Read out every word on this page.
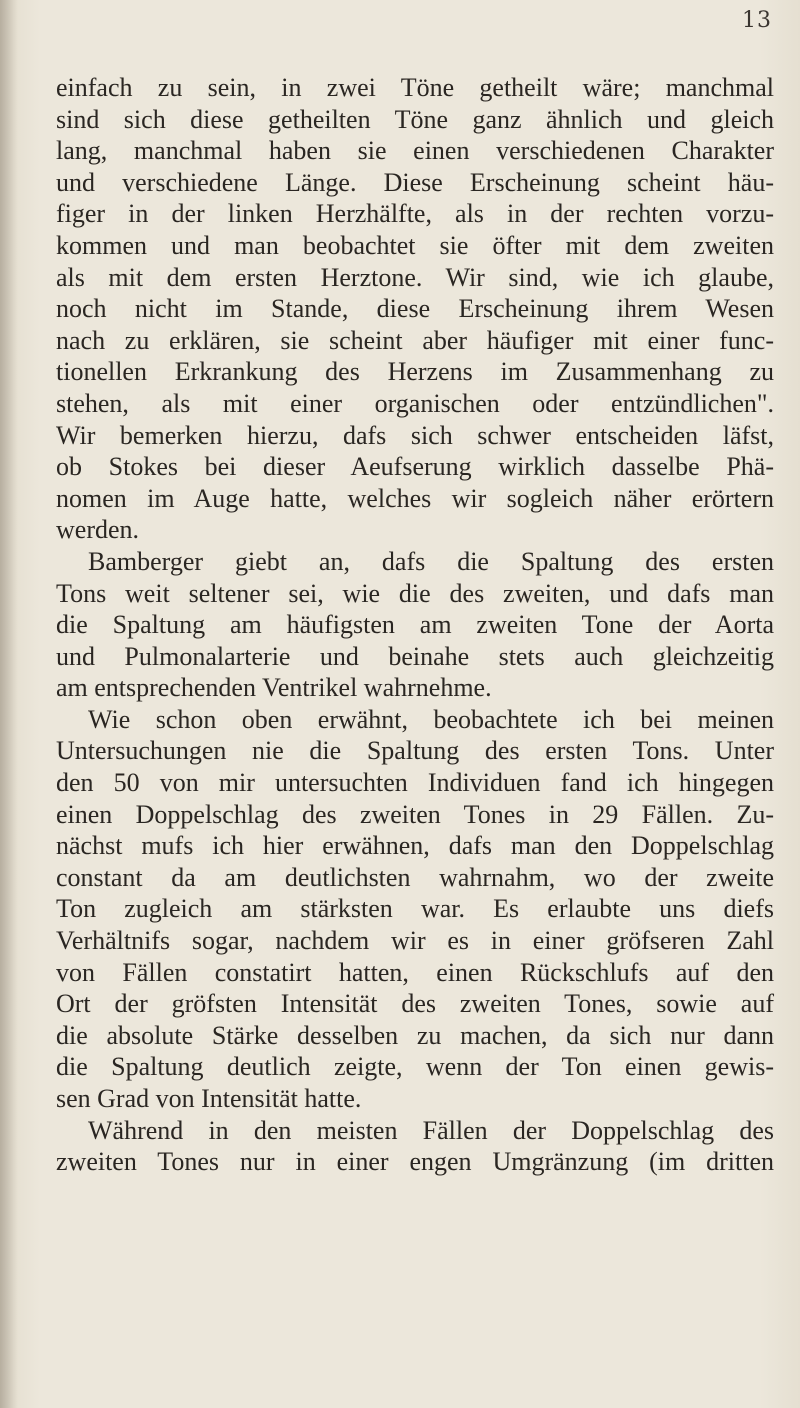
13
einfach zu sein, in zwei Töne getheilt wäre; manchmal
sind sich diese getheilten Töne ganz ähnlich und gleich
lang, manchmal haben sie einen verschiedenen Charakter
und verschiedene Länge. Diese Erscheinung scheint häu-
figer in der linken Herzhälfte, als in der rechten vorzu-
kommen und man beobachtet sie öfter mit dem zweiten
als mit dem ersten Herztone. Wir sind, wie ich glaube,
noch nicht im Stande, diese Erscheinung ihrem Wesen
nach zu erklären, sie scheint aber häufiger mit einer func-
tionellen Erkrankung des Herzens im Zusammenhang zu
stehen, als mit einer organischen oder entzündlichen".
Wir bemerken hierzu, dafs sich schwer entscheiden läfst,
ob Stokes bei dieser Aeufserung wirklich dasselbe Phä-
nomen im Auge hatte, welches wir sogleich näher erörtern
werden.
Bamberger giebt an, dafs die Spaltung des ersten
Tons weit seltener sei, wie die des zweiten, und dafs man
die Spaltung am häufigsten am zweiten Tone der Aorta
und Pulmonalarterie und beinahe stets auch gleichzeitig
am entsprechenden Ventrikel wahrnehme.
Wie schon oben erwähnt, beobachtete ich bei meinen
Untersuchungen nie die Spaltung des ersten Tons. Unter
den 50 von mir untersuchten Individuen fand ich hingegen
einen Doppelschlag des zweiten Tones in 29 Fällen. Zu-
nächst mufs ich hier erwähnen, dafs man den Doppelschlag
constant da am deutlichsten wahrnahm, wo der zweite
Ton zugleich am stärksten war. Es erlaubte uns diefs
Verhältnifs sogar, nachdem wir es in einer gröfseren Zahl
von Fällen constatirt hatten, einen Rückschlufs auf den
Ort der gröfsten Intensität des zweiten Tones, sowie auf
die absolute Stärke desselben zu machen, da sich nur dann
die Spaltung deutlich zeigte, wenn der Ton einen gewis-
sen Grad von Intensität hatte.
Während in den meisten Fällen der Doppelschlag des
zweiten Tones nur in einer engen Umgränzung (im dritten
